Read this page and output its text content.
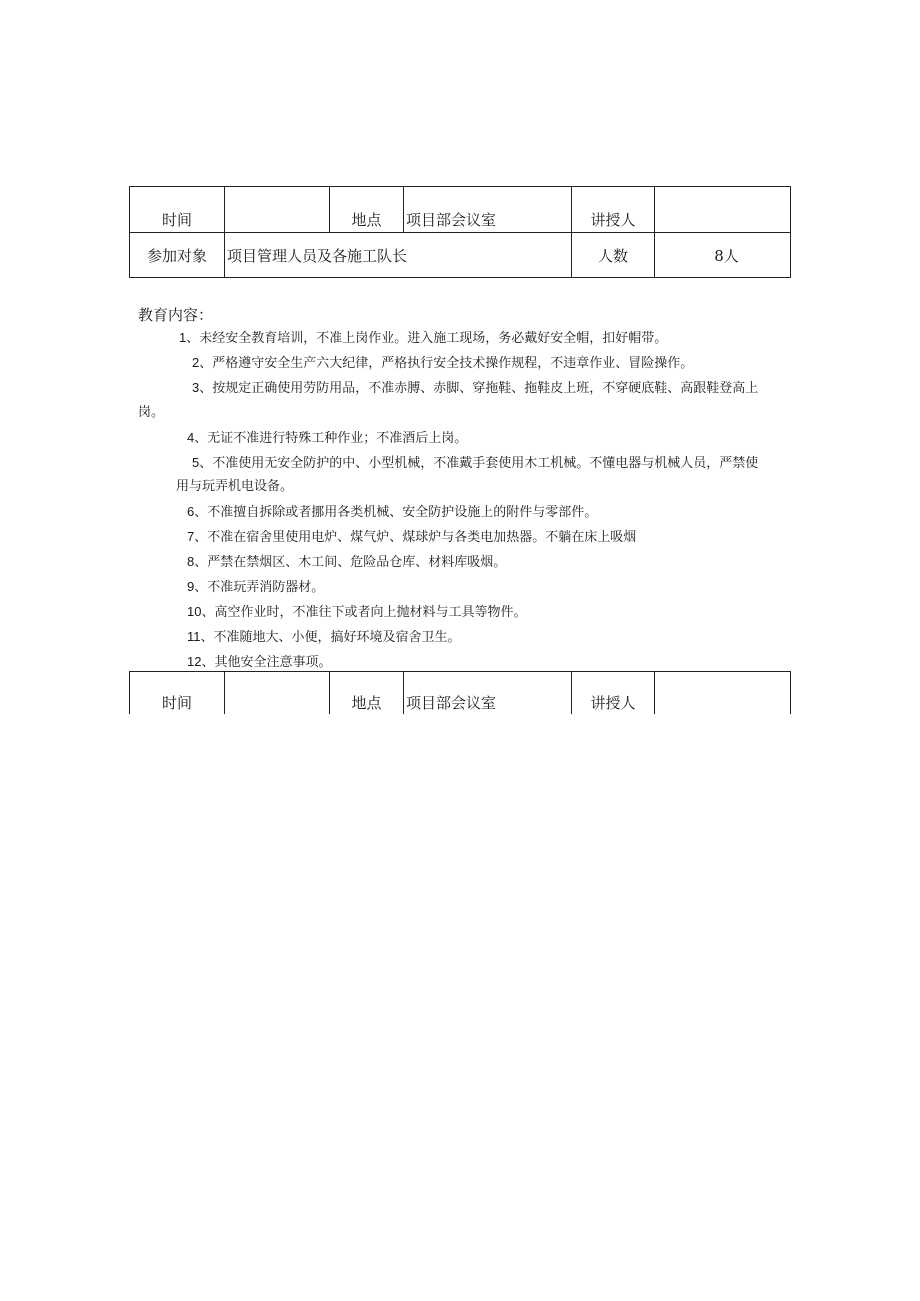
时间		地点	项目部会议室	讲授人	
参加对象	项目管理人员及各施工队长			人数	8人
教育内容：
1、未经安全教育培训，不准上岗作业。进入施工现场，务必戴好安全帽，扣好帽带。
2、严格遵守安全生产六大纪律，严格执行安全技术操作规程，不违章作业、冒险操作。
3、按规定正确使用劳防用品，不准赤膊、赤脚、穿拖鞋、拖鞋皮上班，不穿硬底鞋、高跟鞋登高上
岗。
4、无证不准进行特殊工种作业；不准酒后上岗。
5、不准使用无安全防护的中、小型机械，不准戴手套使用木工机械。不懂电器与机械人员，严禁使
用与玩弄机电设备。
6、不准擅自拆除或者挪用各类机械、安全防护设施上的附件与零部件。
7、不准在宿舍里使用电炉、煤气炉、煤球炉与各类电加热器。不躺在床上吸烟
8、严禁在禁烟区、木工间、危险品仓库、材料库吸烟。
9、不准玩弄消防器材。
10、高空作业时，不准往下或者向上抛材料与工具等物件。
11、不准随地大、小便，搞好环境及宿舍卫生。
12、其他安全注意事项。
时间		地点	项目部会议室	讲授人	
